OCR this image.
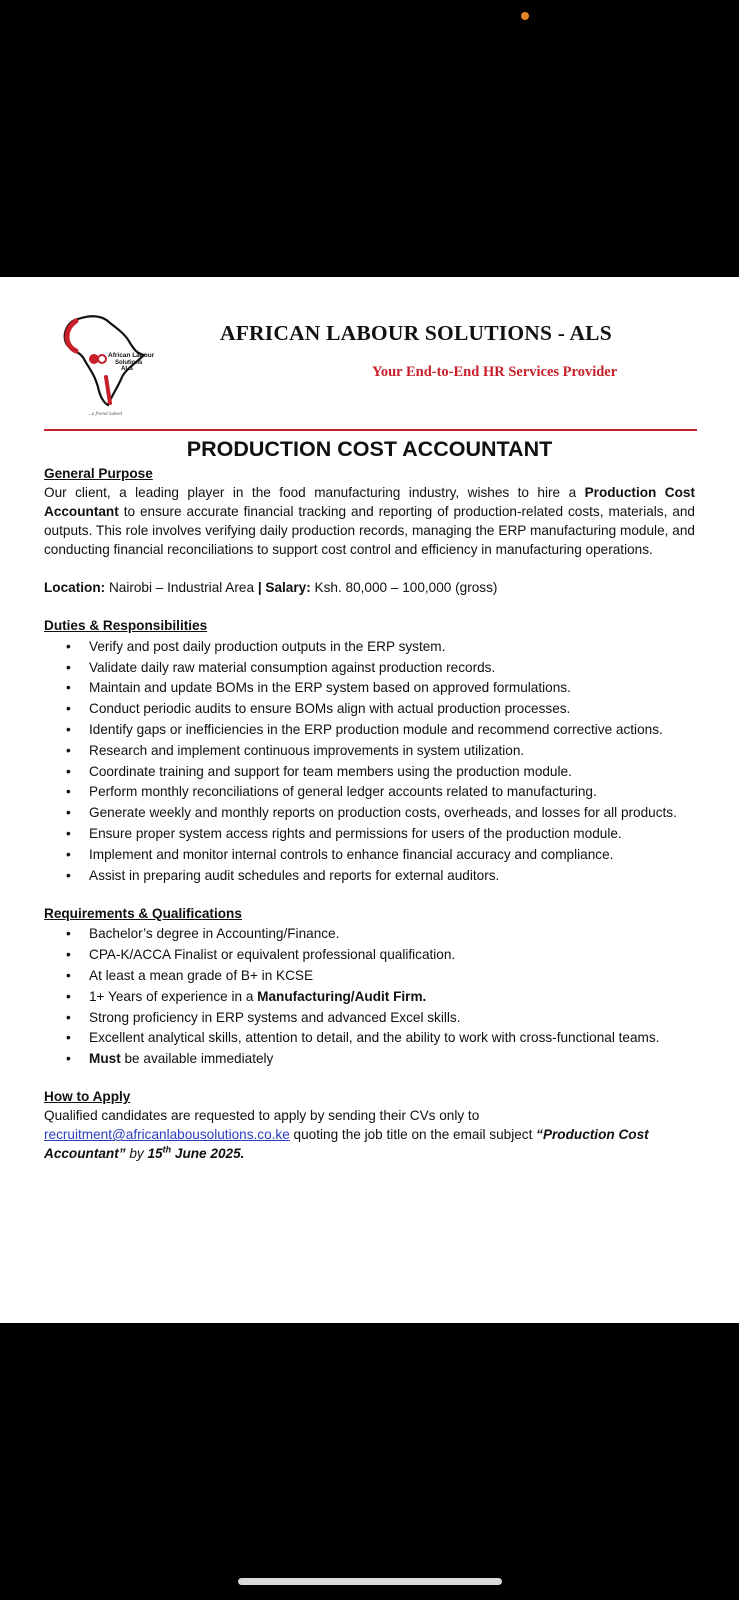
African Labour
Solutions
ALS
...a friend indeed
AFRICAN LABOUR SOLUTIONS - ALS
Your End-to-End HR Services Provider
PRODUCTION COST ACCOUNTANT

General Purpose

Our client, a leading player in the food manufacturing industry, wishes to hire a Production Cost Accountant to ensure accurate financial tracking and reporting of production-related costs, materials, and outputs. This role involves verifying daily production records, managing the ERP manufacturing module, and conducting financial reconciliations to support cost control and efficiency in manufacturing operations.

Location: Nairobi – Industrial Area | Salary: Ksh. 80,000 – 100,000 (gross)

Duties & Responsibilities

• Verify and post daily production outputs in the ERP system.
• Validate daily raw material consumption against production records.
• Maintain and update BOMs in the ERP system based on approved formulations.
• Conduct periodic audits to ensure BOMs align with actual production processes.
• Identify gaps or inefficiencies in the ERP production module and recommend corrective actions.
• Research and implement continuous improvements in system utilization.
• Coordinate training and support for team members using the production module.
• Perform monthly reconciliations of general ledger accounts related to manufacturing.
• Generate weekly and monthly reports on production costs, overheads, and losses for all products.
• Ensure proper system access rights and permissions for users of the production module.
• Implement and monitor internal controls to enhance financial accuracy and compliance.
• Assist in preparing audit schedules and reports for external auditors.

Requirements & Qualifications

• Bachelor’s degree in Accounting/Finance.
• CPA-K/ACCA Finalist or equivalent professional qualification.
• At least a mean grade of B+ in KCSE
• 1+ Years of experience in a Manufacturing/Audit Firm.
• Strong proficiency in ERP systems and advanced Excel skills.
• Excellent analytical skills, attention to detail, and the ability to work with cross-functional teams.
• Must be available immediately

How to Apply

Qualified candidates are requested to apply by sending their CVs only to

recruitment@africanlabousolutions.co.ke quoting the job title on the email subject “Production Cost Accountant” by 15th June 2025.
